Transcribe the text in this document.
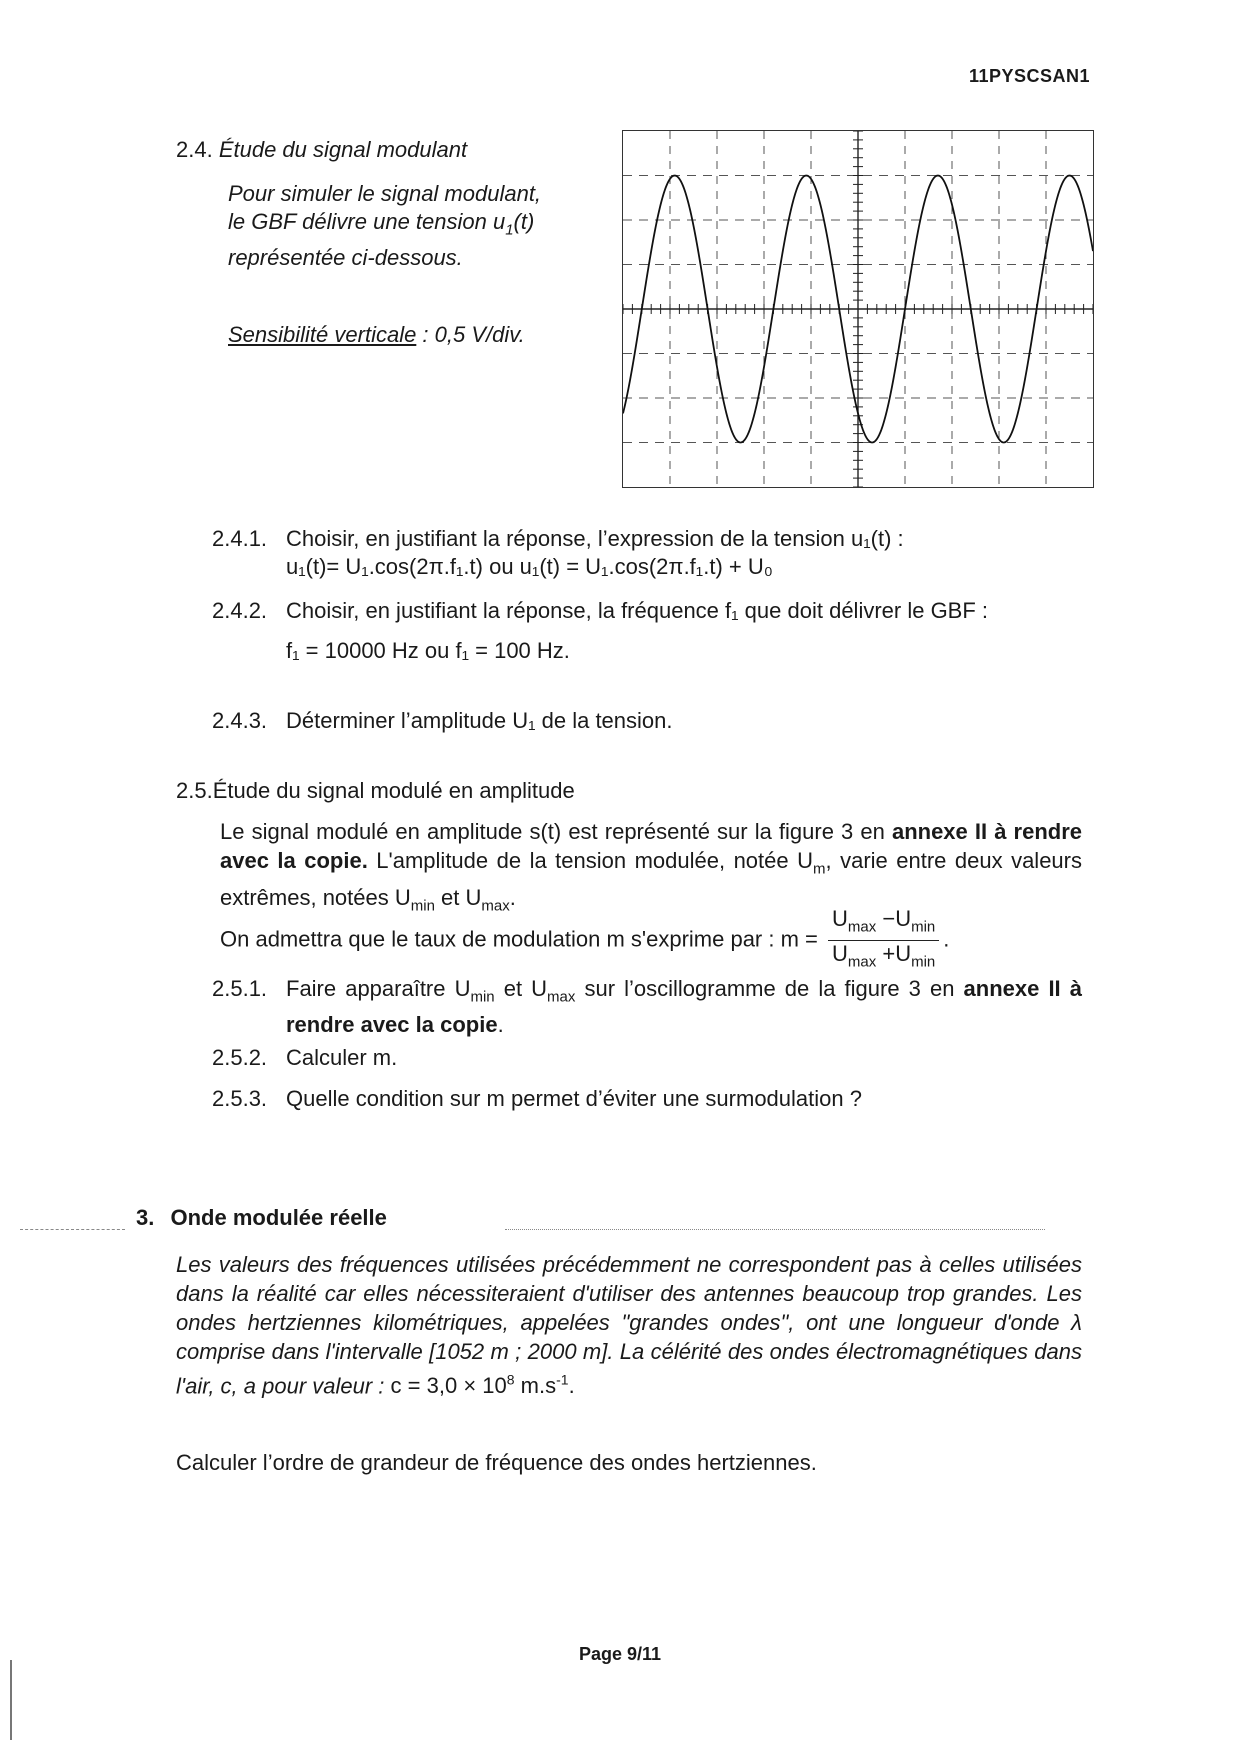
11PYSCSAN1
2.4. Étude du signal modulant
Pour simuler le signal modulant,
le GBF délivre une tension $u_1(t)$
représentée ci-dessous.
Sensibilité verticale : 0,5 V/div.
2.4.1. Choisir, en justifiant la réponse, l’expression de la tension u₁(t) :
u₁(t)= U₁.cos(2π.f₁.t) ou u₁(t) = U₁.cos(2π.f₁.t) + U₀
2.4.2. Choisir, en justifiant la réponse, la fréquence f₁ que doit délivrer le GBF :
f₁ = 10000 Hz ou f₁ = 100 Hz.
2.4.3. Déterminer l’amplitude U₁ de la tension.
2.5.Étude du signal modulé en amplitude
Le signal modulé en amplitude s(t) est représenté sur la figure 3 en annexe II à rendre avec la copie. L'amplitude de la tension modulée, notée $U_m$, varie entre deux valeurs extrêmes, notées $U_{min}$ et $U_{max}$.
On admettra que le taux de modulation m s'exprime par : $m = \frac{U_{max} -U_{min}}{U_{max} +U_{min}}$ .
2.5.1. Faire apparaître $U_{min}$ et $U_{max}$ sur l’oscillogramme de la figure 3 en annexe II à rendre avec la copie.
2.5.2. Calculer m.
2.5.3. Quelle condition sur m permet d’éviter une surmodulation ?
3. Onde modulée réelle
Les valeurs des fréquences utilisées précédemment ne correspondent pas à celles utilisées dans la réalité car elles nécessiteraient d'utiliser des antennes beaucoup trop grandes. Les ondes hertziennes kilométriques, appelées "grandes ondes", ont une longueur d'onde λ comprise dans l'intervalle [1052 m ; 2000 m]. La célérité des ondes électromagnétiques dans l'air, c, a pour valeur : $c = 3,0 \times 10^8$ $m.s^{-1}$.
Calculer l’ordre de grandeur de fréquence des ondes hertziennes.
Page 9/11
